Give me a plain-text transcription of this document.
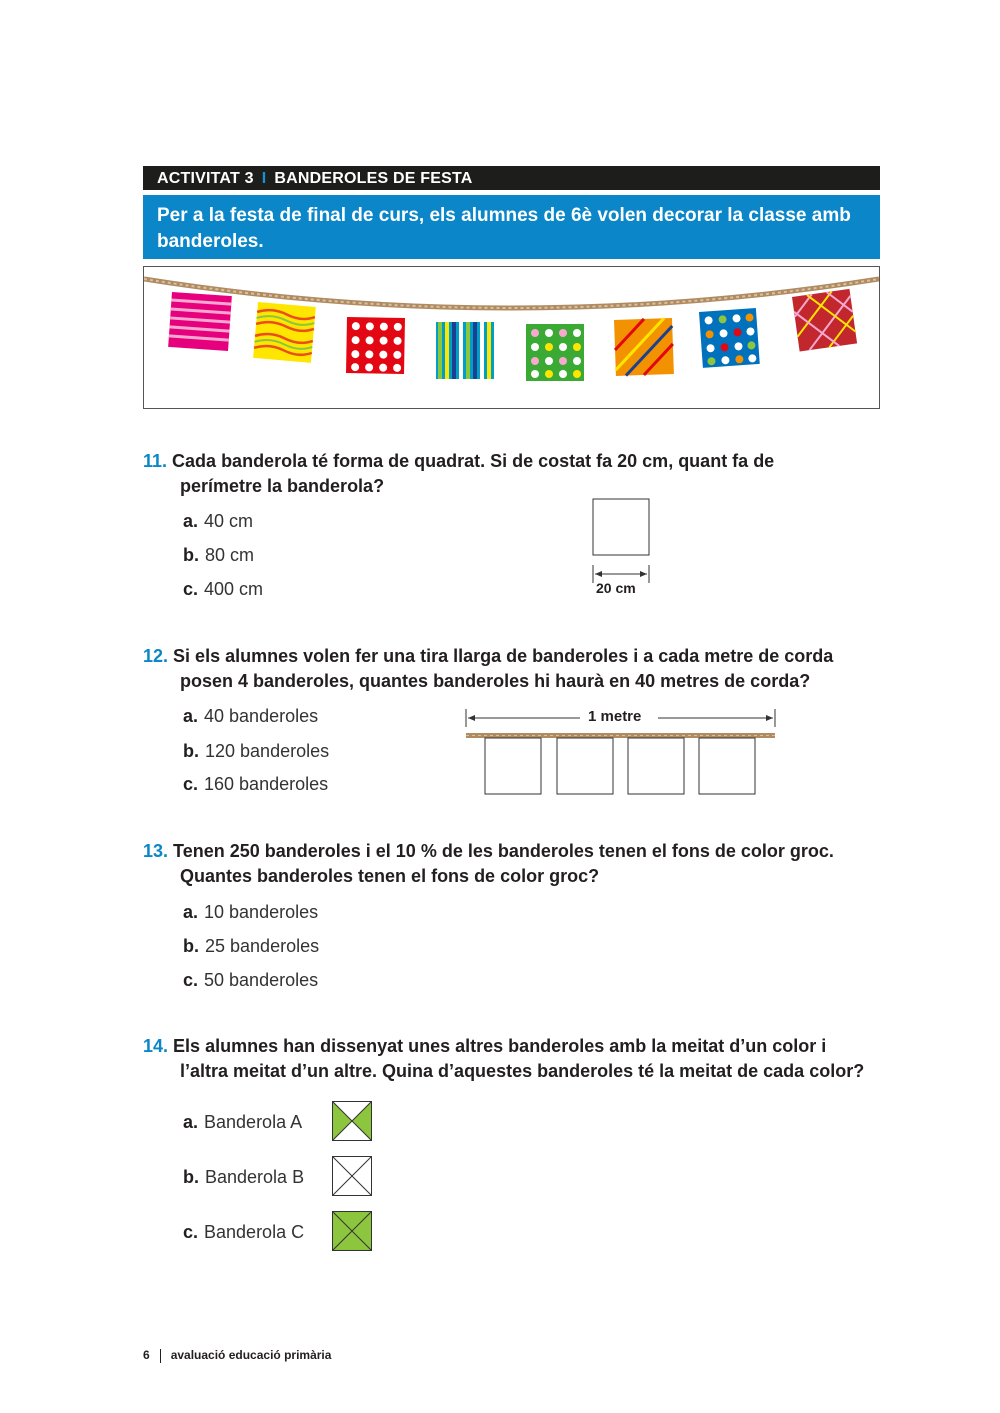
ACTIVITAT 3 I BANDEROLES DE FESTA
Per a la festa de final de curs, els alumnes de 6è volen decorar la classe amb banderoles.
11. Cada banderola té forma de quadrat. Si de costat fa 20 cm, quant fa de
perímetre la banderola?
a. 40 cm
b. 80 cm
c. 400 cm	20 cm
12. Si els alumnes volen fer una tira llarga de banderoles i a cada metre de corda
posen 4 banderoles, quantes banderoles hi haurà en 40 metres de corda?
a. 40 banderoles
b. 120 banderoles
c. 160 banderoles
1 metre
13. Tenen 250 banderoles i el 10 % de les banderoles tenen el fons de color groc.
Quantes banderoles tenen el fons de color groc?
a. 10 banderoles
b. 25 banderoles
c. 50 banderoles
14. Els alumnes han dissenyat unes altres banderoles amb la meitat d’un color i
l’altra meitat d’un altre. Quina d’aquestes banderoles té la meitat de cada color?
a. Banderola A
b. Banderola B
c. Banderola C
6 avaluació educació primària
